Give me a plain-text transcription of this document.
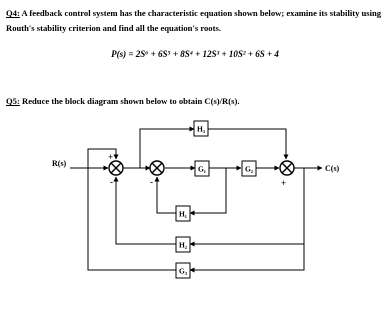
Q4: A feedback control system has the characteristic equation shown below; examine its stability using Routh's stability criterion and find all the equation's roots.
P(s) = 2S⁶ + 6S⁵ + 8S⁴ + 12S³ + 10S² + 6S + 4
Q5: Reduce the block diagram shown below to obtain C(s)/R(s).
H₃
G₁	G₂
H₁
H₂
G₃
R(s)
C(s)
+
-	-	+
